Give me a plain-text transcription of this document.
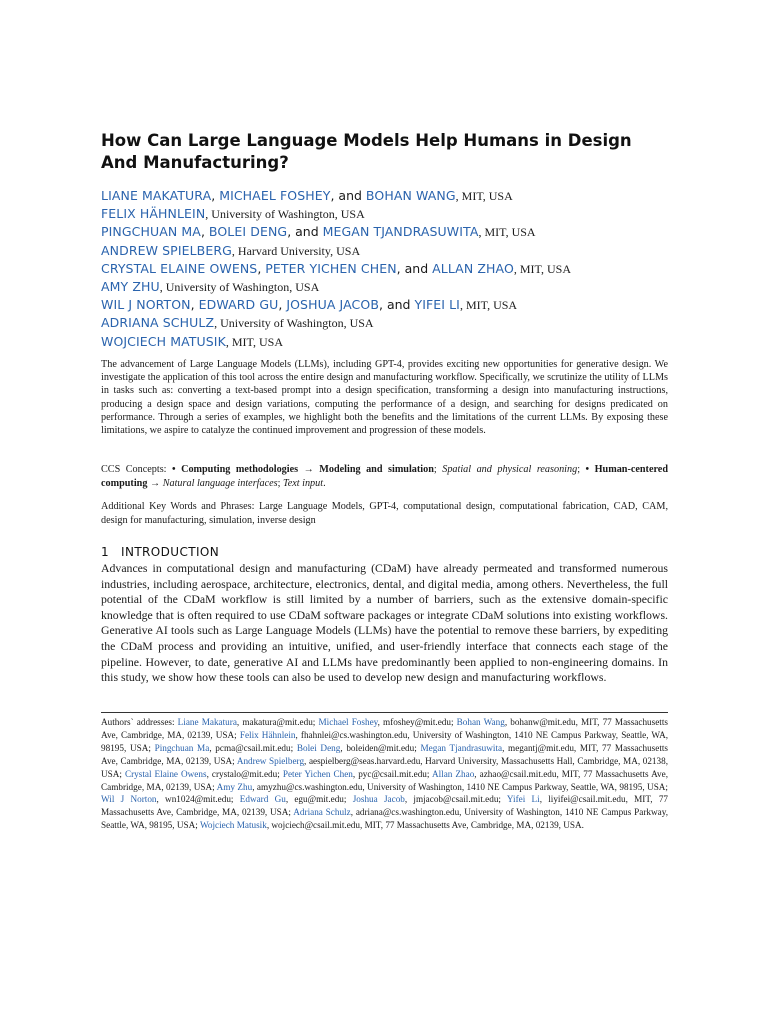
How Can Large Language Models Help Humans in Design And Manufacturing?
LIANE MAKATURA, MICHAEL FOSHEY, and BOHAN WANG, MIT, USA
FELIX HÄHNLEIN, University of Washington, USA
PINGCHUAN MA, BOLEI DENG, and MEGAN TJANDRASUWITA, MIT, USA
ANDREW SPIELBERG, Harvard University, USA
CRYSTAL ELAINE OWENS, PETER YICHEN CHEN, and ALLAN ZHAO, MIT, USA
AMY ZHU, University of Washington, USA
WIL J NORTON, EDWARD GU, JOSHUA JACOB, and YIFEI LI, MIT, USA
ADRIANA SCHULZ, University of Washington, USA
WOJCIECH MATUSIK, MIT, USA

The advancement of Large Language Models (LLMs), including GPT-4, provides exciting new opportunities for generative design. We investigate the application of this tool across the entire design and manufacturing workflow. Specifically, we scrutinize the utility of LLMs in tasks such as: converting a text-based prompt into a design specification, transforming a design into manufacturing instructions, producing a design space and design variations, computing the performance of a design, and searching for designs predicated on performance. Through a series of examples, we highlight both the benefits and the limitations of the current LLMs. By exposing these limitations, we aspire to catalyze the continued improvement and progression of these models.

CCS Concepts: • Computing methodologies → Modeling and simulation; Spatial and physical reasoning; • Human-centered computing → Natural language interfaces; Text input.

Additional Key Words and Phrases: Large Language Models, GPT-4, computational design, computational fabrication, CAD, CAM, design for manufacturing, simulation, inverse design

1 INTRODUCTION

Advances in computational design and manufacturing (CDaM) have already permeated and transformed numerous industries, including aerospace, architecture, electronics, dental, and digital media, among others. Nevertheless, the full potential of the CDaM workflow is still limited by a number of barriers, such as the extensive domain-specific knowledge that is often required to use CDaM software packages or integrate CDaM solutions into existing workflows. Generative AI tools such as Large Language Models (LLMs) have the potential to remove these barriers, by expediting the CDaM process and providing an intuitive, unified, and user-friendly interface that connects each stage of the pipeline. However, to date, generative AI and LLMs have predominantly been applied to non-engineering domains. In this study, we show how these tools can also be used to develop new design and manufacturing workflows.

Authors` addresses: Liane Makatura, makatura@mit.edu; Michael Foshey, mfoshey@mit.edu; Bohan Wang, bohanw@mit.edu, MIT, 77 Massachusetts Ave, Cambridge, MA, 02139, USA; Felix Hähnlein, fhahnlei@cs.washington.edu, University of Washington, 1410 NE Campus Parkway, Seattle, WA, 98195, USA; Pingchuan Ma, pcma@csail.mit.edu; Bolei Deng, boleiden@mit.edu; Megan Tjandrasuwita, megantj@mit.edu, MIT, 77 Massachusetts Ave, Cambridge, MA, 02139, USA; Andrew Spielberg, aespielberg@seas.harvard.edu, Harvard University, Massachusetts Hall, Cambridge, MA, 02138, USA; Crystal Elaine Owens, crystalo@mit.edu; Peter Yichen Chen, pyc@csail.mit.edu; Allan Zhao, azhao@csail.mit.edu, MIT, 77 Massachusetts Ave, Cambridge, MA, 02139, USA; Amy Zhu, amyzhu@cs.washington.edu, University of Washington, 1410 NE Campus Parkway, Seattle, WA, 98195, USA; Wil J Norton, wn1024@mit.edu; Edward Gu, egu@mit.edu; Joshua Jacob, jmjacob@csail.mit.edu; Yifei Li, liyifei@csail.mit.edu, MIT, 77 Massachusetts Ave, Cambridge, MA, 02139, USA; Adriana Schulz, adriana@cs.washington.edu, University of Washington, 1410 NE Campus Parkway, Seattle, WA, 98195, USA; Wojciech Matusik, wojciech@csail.mit.edu, MIT, 77 Massachusetts Ave, Cambridge, MA, 02139, USA.
